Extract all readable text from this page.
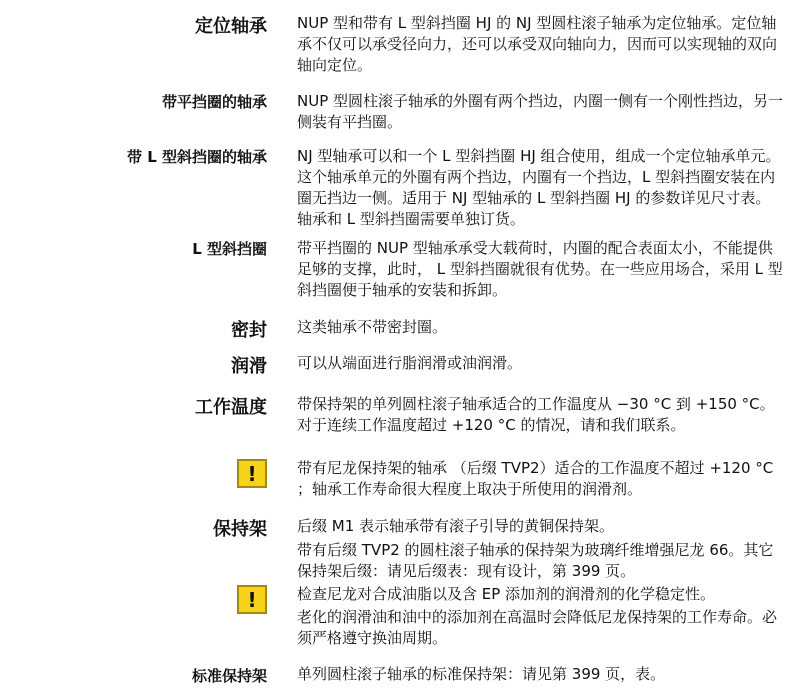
定位轴承 NUP 型和带有 L 型斜挡圈 HJ 的 NJ 型圆柱滚子轴承为定位轴承。定位轴承不仅可以承受径向力，还可以承受双向轴向力，因而可以实现轴的双向轴向定位。
带平挡圈的轴承 NUP 型圆柱滚子轴承的外圈有两个挡边，内圈一侧有一个刚性挡边，另一侧装有平挡圈。
带 L 型斜挡圈的轴承 NJ 型轴承可以和一个 L 型斜挡圈 HJ 组合使用，组成一个定位轴承单元。这个轴承单元的外圈有两个挡边，内圈有一个挡边，L 型斜挡圈安装在内圈无挡边一侧。适用于 NJ 型轴承的 L 型斜挡圈 HJ 的参数详见尺寸表。轴承和 L 型斜挡圈需要单独订货。
L 型斜挡圈 带平挡圈的 NUP 型轴承承受大载荷时，内圈的配合表面太小，不能提供足够的支撑，此时， L 型斜挡圈就很有优势。在一些应用场合，采用 L 型斜挡圈便于轴承的安装和拆卸。
密封 这类轴承不带密封圈。
润滑 可以从端面进行脂润滑或油润滑。
工作温度 带保持架的单列圆柱滚子轴承适合的工作温度从 −30 °C 到 +150 °C。对于连续工作温度超过 +120 °C 的情况，请和我们联系。
!	带有尼龙保持架的轴承 （后缀 TVP2）适合的工作温度不超过 +120 °C ；轴承工作寿命很大程度上取决于所使用的润滑剂。
保持架 后缀 M1 表示轴承带有滚子引导的黄铜保持架。
带有后缀 TVP2 的圆柱滚子轴承的保持架为玻璃纤维增强尼龙 66。其它保持架后缀：请见后缀表：现有设计，第 399 页。
!	检查尼龙对合成油脂以及含 EP 添加剂的润滑剂的化学稳定性。
老化的润滑油和油中的添加剂在高温时会降低尼龙保持架的工作寿命。必须严格遵守换油周期。
标准保持架 单列圆柱滚子轴承的标准保持架：请见第 399 页，表。
